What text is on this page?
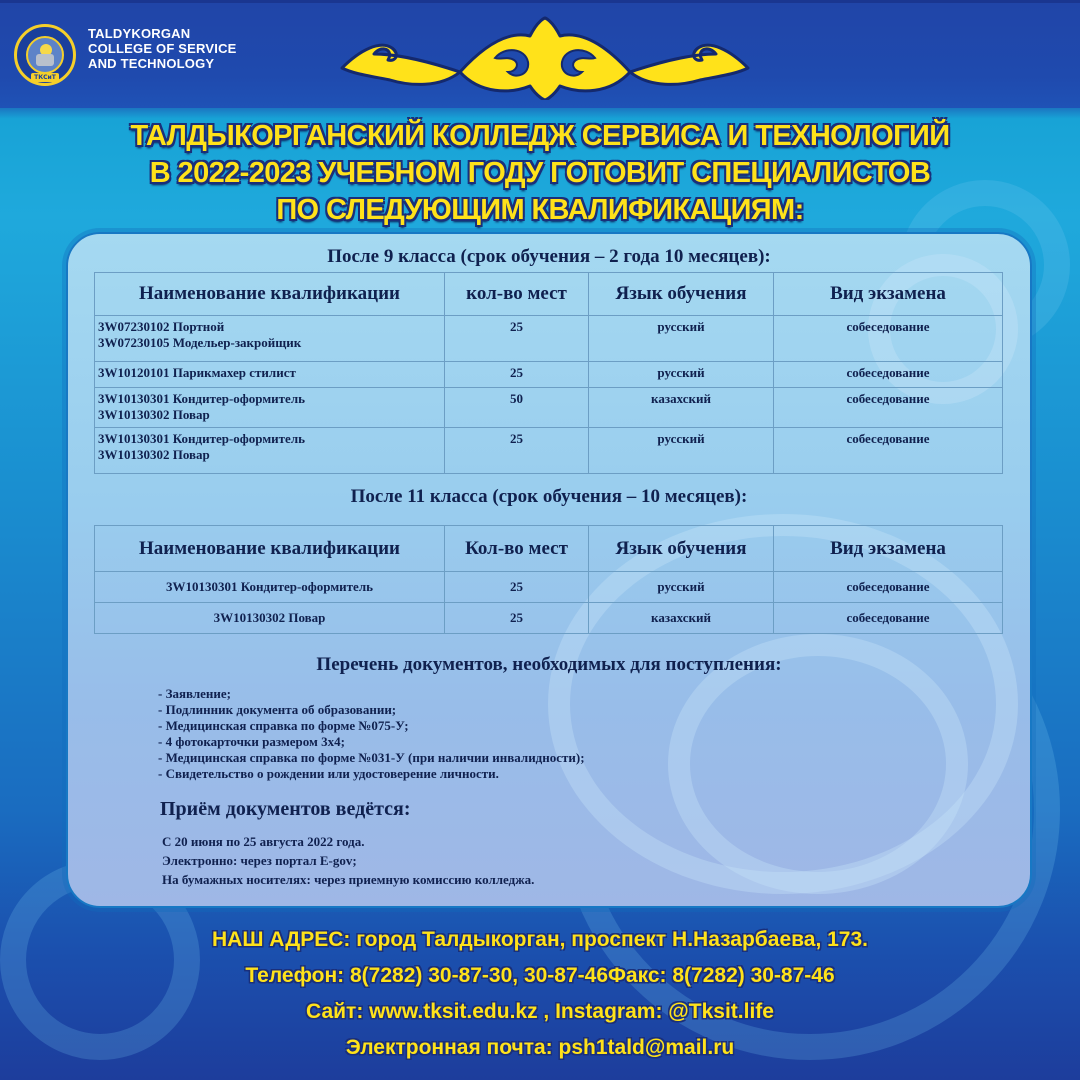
ТКСиТ
TALDYKORGAN
COLLEGE OF SERVICE
AND TECHNOLOGY
ТАЛДЫКОРГАНСКИЙ КОЛЛЕДЖ СЕРВИСА И ТЕХНОЛОГИЙ
В 2022-2023 УЧЕБНОМ ГОДУ ГОТОВИТ СПЕЦИАЛИСТОВ
ПО СЛЕДУЮЩИМ КВАЛИФИКАЦИЯМ:
После 9 класса (срок обучения – 2 года 10 месяцев):
Наименование квалификации	кол-во мест	Язык обучения	Вид экзамена

3W07230102 Портной
3W07230105 Модельер-закройщик	25	русский	собеседование

3W10120101 Парикмахер стилист	25	русский	собеседование

3W10130301 Кондитер-оформитель
3W10130302 Повар	50	казахский	собеседование

3W10130301 Кондитер-оформитель
3W10130302 Повар	25	русский	собеседование
После 11 класса (срок обучения – 10 месяцев):
Наименование квалификации	Кол-во мест	Язык обучения	Вид экзамена
3W10130301 Кондитер-оформитель	25	русский	собеседование
3W10130302 Повар	25	казахский	собеседование
Перечень документов, необходимых для поступления:
- Заявление;
- Подлинник документа об образовании;
- Медицинская справка по форме №075-У;
- 4 фотокарточки размером 3х4;
- Медицинская справка по форме №031-У (при наличии инвалидности);
- Свидетельство о рождении или удостоверение личности.
Приём документов ведётся:
С 20 июня по 25 августа 2022 года.
Электронно: через портал E-gov;
На бумажных носителях: через приемную комиссию колледжа.
НАШ АДРЕС: город Талдыкорган, проспект Н.Назарбаева, 173.
Телефон: 8(7282) 30-87-30, 30-87-46Факс: 8(7282) 30-87-46
Сайт: www.tksit.edu.kz , Instagram: @Tksit.life
Электронная почта: psh1tald@mail.ru
